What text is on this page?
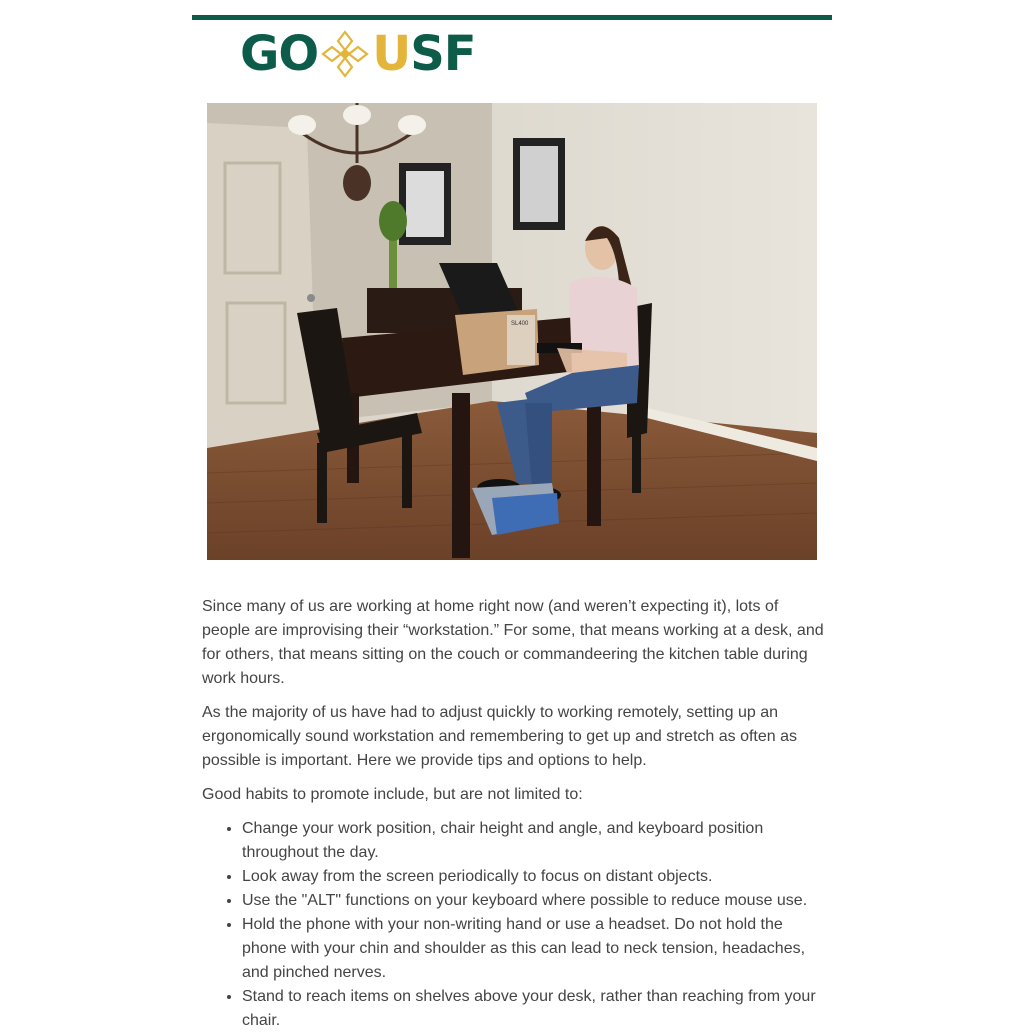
GO U SF
SL400

Since many of us are working at home right now (and weren’t expecting it), lots of people are improvising their “workstation.” For some, that means working at a desk, and for others, that means sitting on the couch or commandeering the kitchen table during work hours.

As the majority of us have had to adjust quickly to working remotely, setting up an ergonomically sound workstation and remembering to get up and stretch as often as possible is important. Here we provide tips and options to help.

Good habits to promote include, but are not limited to:

• Change your work position, chair height and angle, and keyboard position throughout the day.
• Look away from the screen periodically to focus on distant objects.
• Use the "ALT" functions on your keyboard where possible to reduce mouse use.
• Hold the phone with your non-writing hand or use a headset. Do not hold the phone with your chin and shoulder as this can lead to neck tension, headaches, and pinched nerves.
• Stand to reach items on shelves above your desk, rather than reaching from your chair.
